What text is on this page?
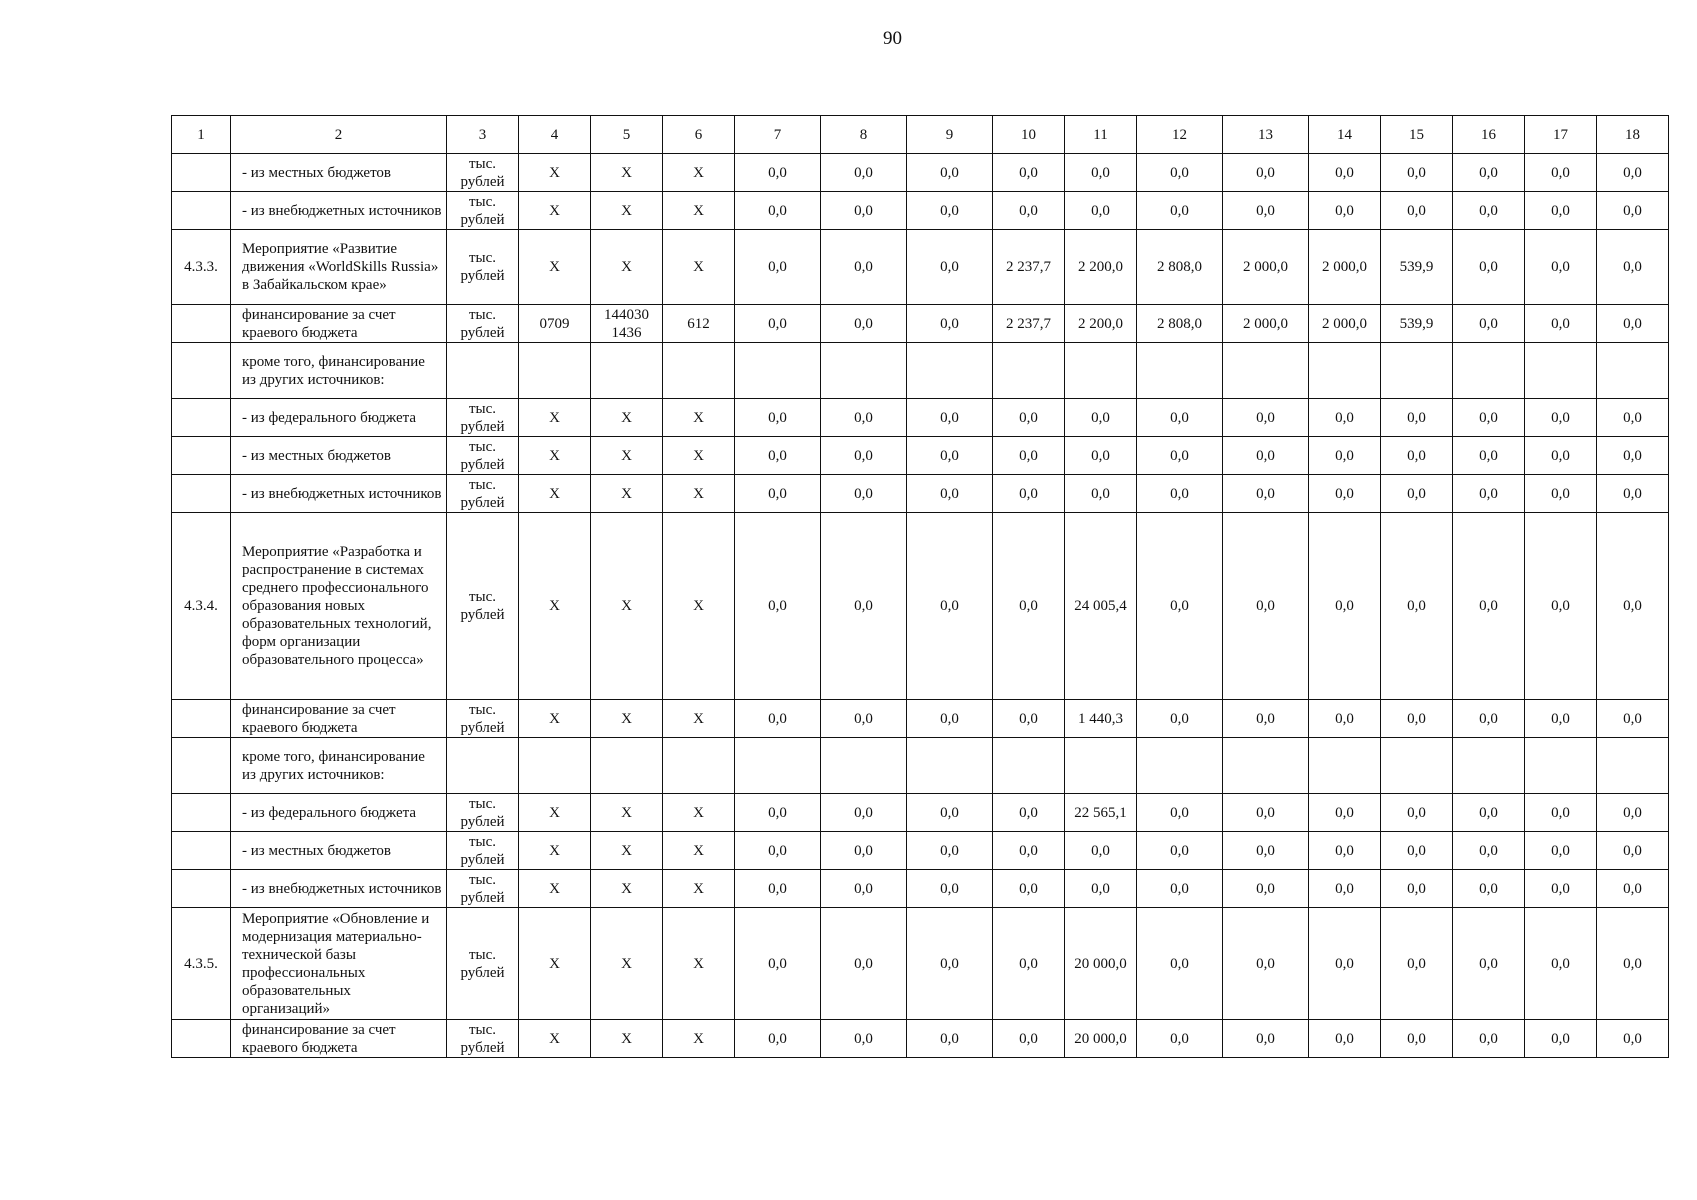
90
1	2	3	4	5	6	7	8	9	10	11	12	13	14	15	16	17	18
	- из местных бюджетов	тыс. рублей	X	X	X	0,0	0,0	0,0	0,0	0,0	0,0	0,0	0,0	0,0	0,0	0,0	0,0
	- из внебюджетных источников	тыс. рублей	X	X	X	0,0	0,0	0,0	0,0	0,0	0,0	0,0	0,0	0,0	0,0	0,0	0,0
4.3.3.	Мероприятие «Развитие движения «WorldSkills Russia» в Забайкальском крае»	тыс. рублей	X	X	X	0,0	0,0	0,0	2 237,7	2 200,0	2 808,0	2 000,0	2 000,0	539,9	0,0	0,0	0,0
	финансирование за счет краевого бюджета	тыс. рублей	0709	144030 1436	612	0,0	0,0	0,0	2 237,7	2 200,0	2 808,0	2 000,0	2 000,0	539,9	0,0	0,0	0,0
	кроме того, финансирование из других источников:																
	- из федерального бюджета	тыс. рублей	X	X	X	0,0	0,0	0,0	0,0	0,0	0,0	0,0	0,0	0,0	0,0	0,0	0,0
	- из местных бюджетов	тыс. рублей	X	X	X	0,0	0,0	0,0	0,0	0,0	0,0	0,0	0,0	0,0	0,0	0,0	0,0
	- из внебюджетных источников	тыс. рублей	X	X	X	0,0	0,0	0,0	0,0	0,0	0,0	0,0	0,0	0,0	0,0	0,0	0,0
4.3.4.	Мероприятие «Разработка и распространение в системах среднего профессионального образования новых образовательных технологий, форм организации образовательного процесса»	тыс. рублей	X	X	X	0,0	0,0	0,0	0,0	24 005,4	0,0	0,0	0,0	0,0	0,0	0,0	0,0
	финансирование за счет краевого бюджета	тыс. рублей	X	X	X	0,0	0,0	0,0	0,0	1 440,3	0,0	0,0	0,0	0,0	0,0	0,0	0,0
	кроме того, финансирование из других источников:																
	- из федерального бюджета	тыс. рублей	X	X	X	0,0	0,0	0,0	0,0	22 565,1	0,0	0,0	0,0	0,0	0,0	0,0	0,0
	- из местных бюджетов	тыс. рублей	X	X	X	0,0	0,0	0,0	0,0	0,0	0,0	0,0	0,0	0,0	0,0	0,0	0,0
	- из внебюджетных источников	тыс. рублей	X	X	X	0,0	0,0	0,0	0,0	0,0	0,0	0,0	0,0	0,0	0,0	0,0	0,0
4.3.5.	Мероприятие «Обновление и модернизация материально-технической базы профессиональных образовательных организаций»	тыс. рублей	X	X	X	0,0	0,0	0,0	0,0	20 000,0	0,0	0,0	0,0	0,0	0,0	0,0	0,0
	финансирование за счет краевого бюджета	тыс. рублей	X	X	X	0,0	0,0	0,0	0,0	20 000,0	0,0	0,0	0,0	0,0	0,0	0,0	0,0
